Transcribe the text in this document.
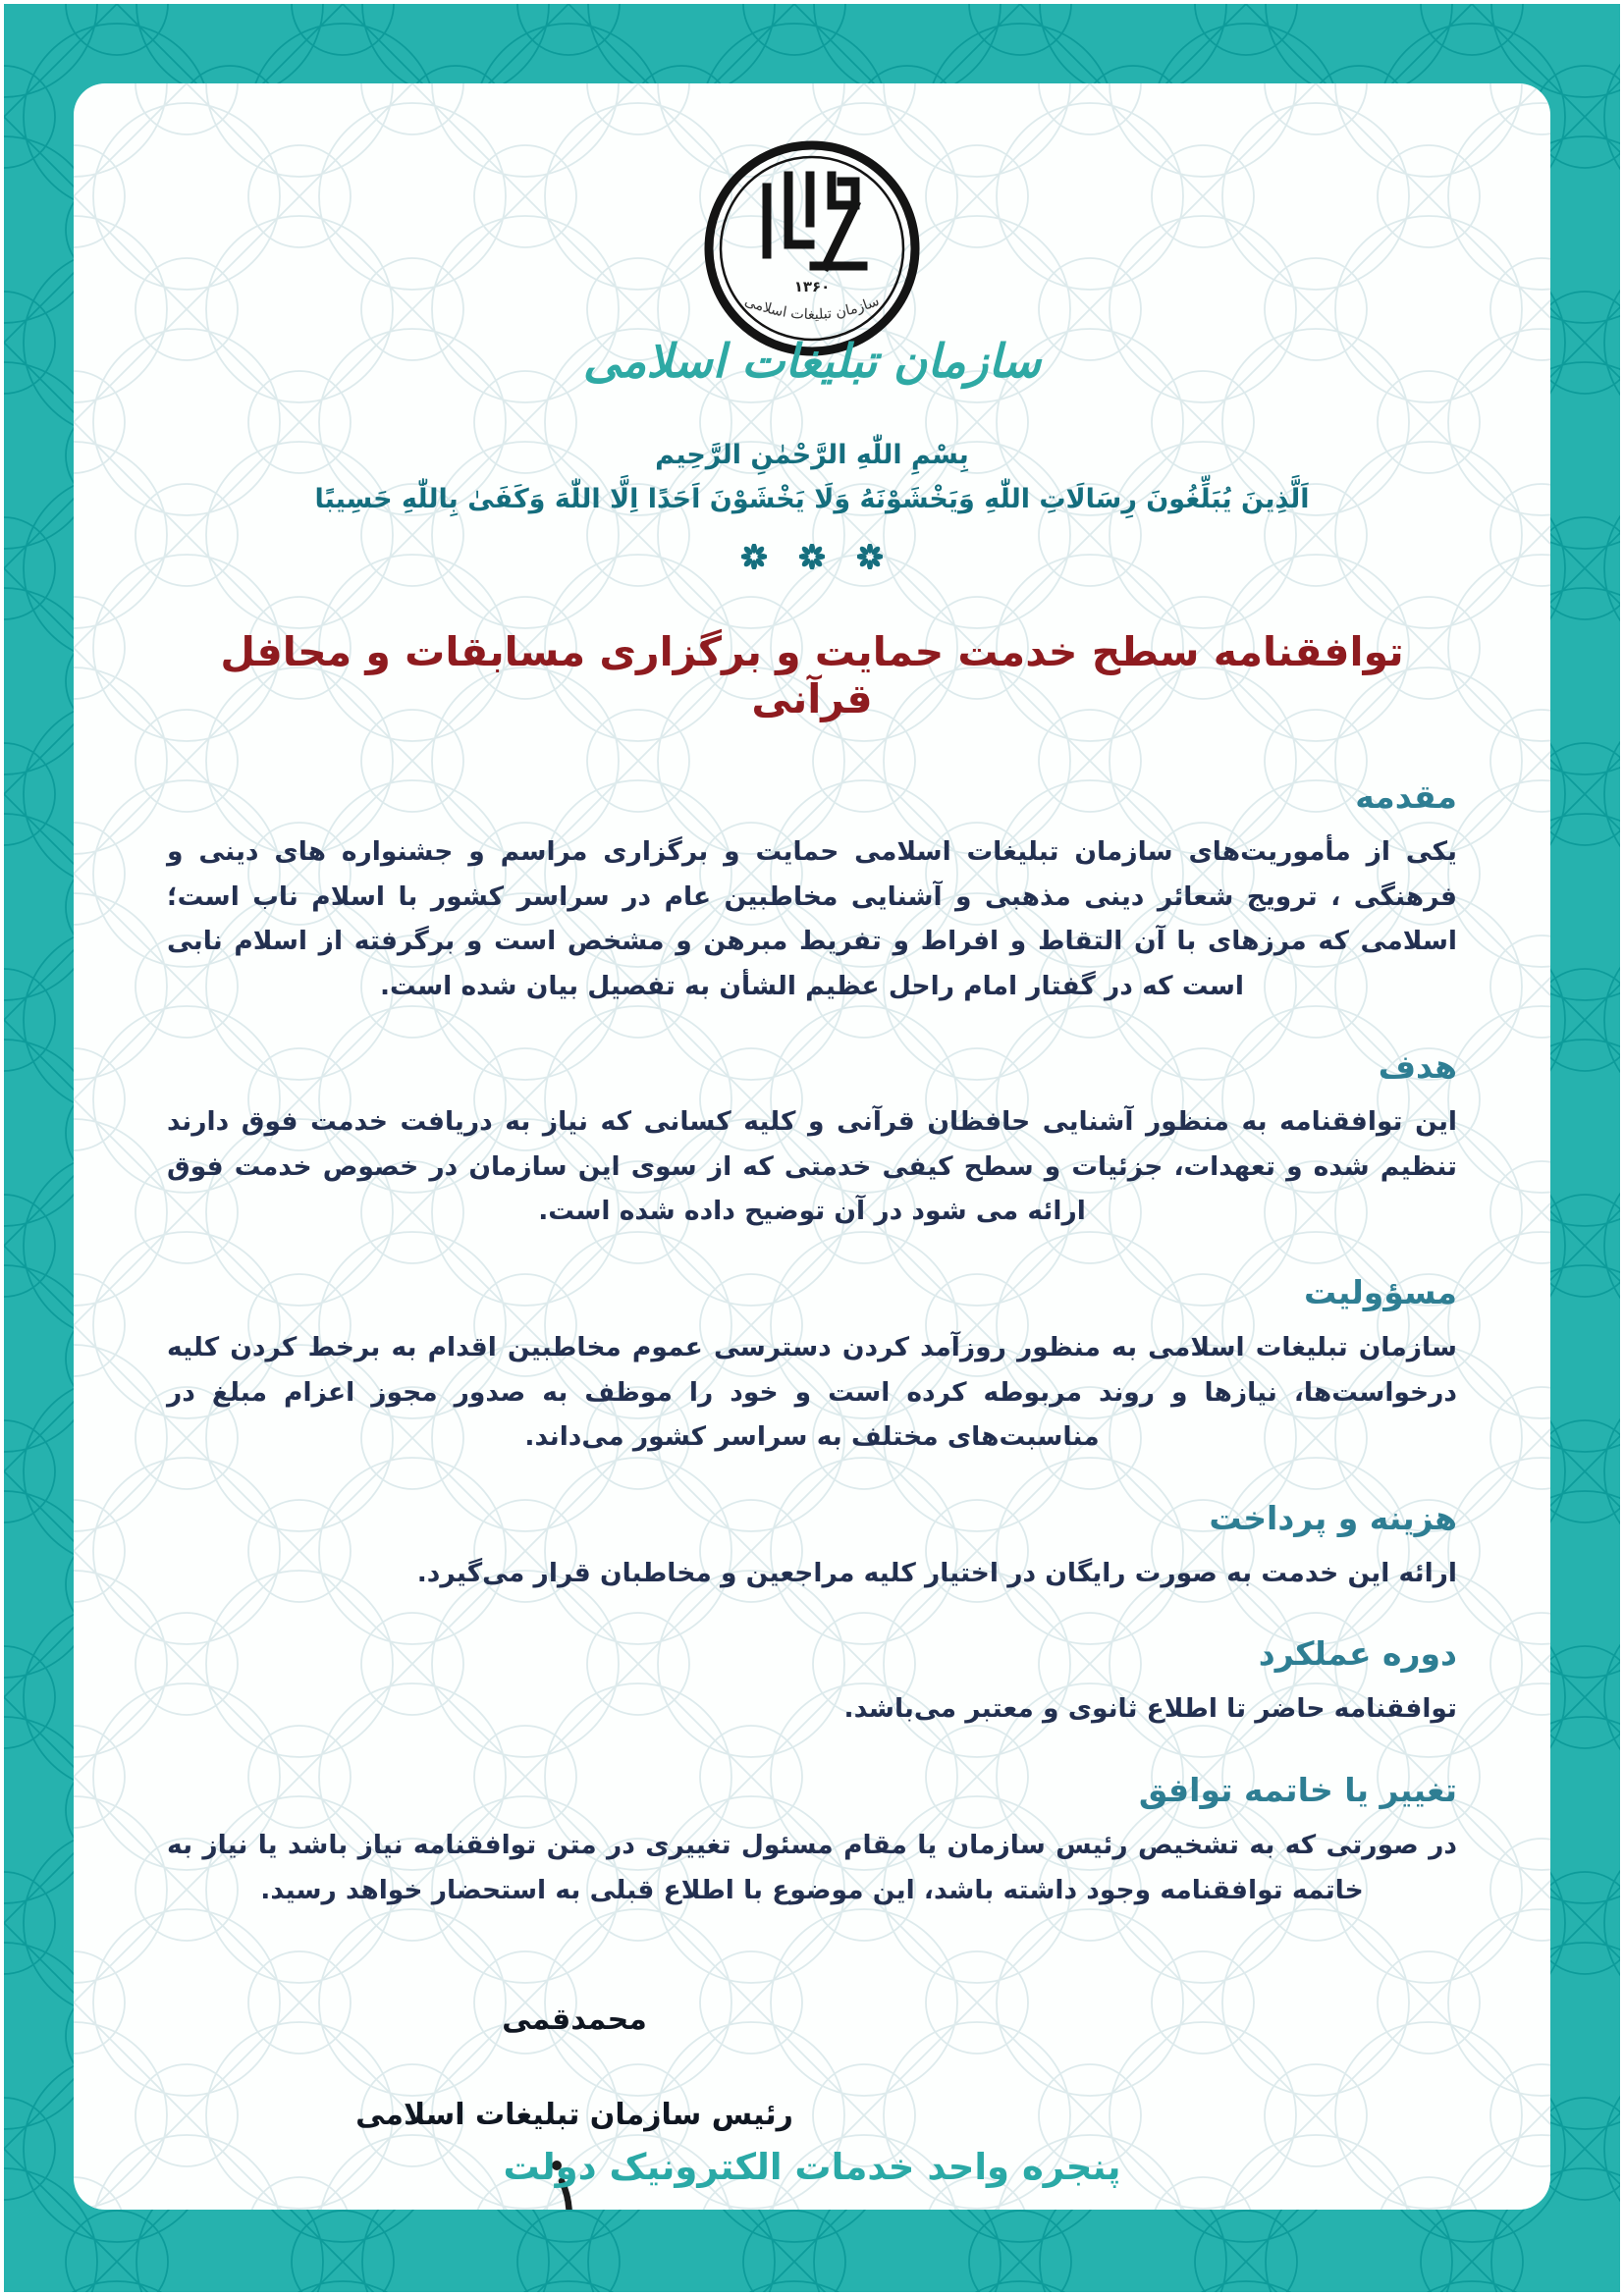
۱۳۶۰
سازمان تبلیغات اسلامی
سازمان تبلیغات اسلامی
بِسْمِ اللّٰهِ الرَّحْمٰنِ الرَّحِیم
اَلَّذِینَ یُبَلِّغُونَ رِسَالَاتِ اللّٰهِ وَیَخْشَوْنَهُ وَلَا یَخْشَوْنَ اَحَدًا اِلَّا اللّٰهَ وَکَفَیٰ بِاللّٰهِ حَسِیبًا

توافقنامه سطح خدمت حمایت و برگزاری مسابقات و محافل قرآنی
مقدمه

یکی از مأموریت‌های سازمان تبلیغات اسلامی حمایت و برگزاری مراسم و جشنواره های دینی و فرهنگی ، ترویج شعائر دینی مذهبی و آشنایی مخاطبین عام در سراسر کشور با اسلام ناب است؛ اسلامی که مرزهای با آن التقاط و افراط و تفریط مبرهن و مشخص است و برگرفته از اسلام نابی است که در گفتار امام راحل عظیم الشأن به تفصیل بیان شده است.

هدف

این توافقنامه به منظور آشنایی حافظان قرآنی و کلیه کسانی که نیاز به دریافت خدمت فوق دارند تنظیم شده و تعهدات، جزئیات و سطح کیفی خدمتی که از سوی این سازمان در خصوص خدمت فوق ارائه می شود در آن توضیح داده شده است.

مسؤولیت

سازمان تبلیغات اسلامی به منظور روزآمد کردن دسترسی عموم مخاطبین اقدام به برخط کردن کلیه درخواست‌ها، نیازها و روند مربوطه کرده است و خود را موظف به صدور مجوز اعزام مبلغ در مناسبت‌های مختلف به سراسر کشور می‌داند.

هزینه و پرداخت

ارائه این خدمت به صورت رایگان در اختیار کلیه مراجعین و مخاطبان قرار می‌گیرد.

دوره عملکرد

توافقنامه حاضر تا اطلاع ثانوی و معتبر می‌باشد.

تغییر یا خاتمه توافق

در صورتی که به تشخیص رئیس سازمان یا مقام مسئول تغییری در متن توافقنامه نیاز باشد یا نیاز به خاتمه توافقنامه وجود داشته باشد، این موضوع با اطلاع قبلی به استحضار خواهد رسید.

محمدقمی
رئیس سازمان تبلیغات اسلامی
پنجره واحد خدمات الکترونیک دولت
